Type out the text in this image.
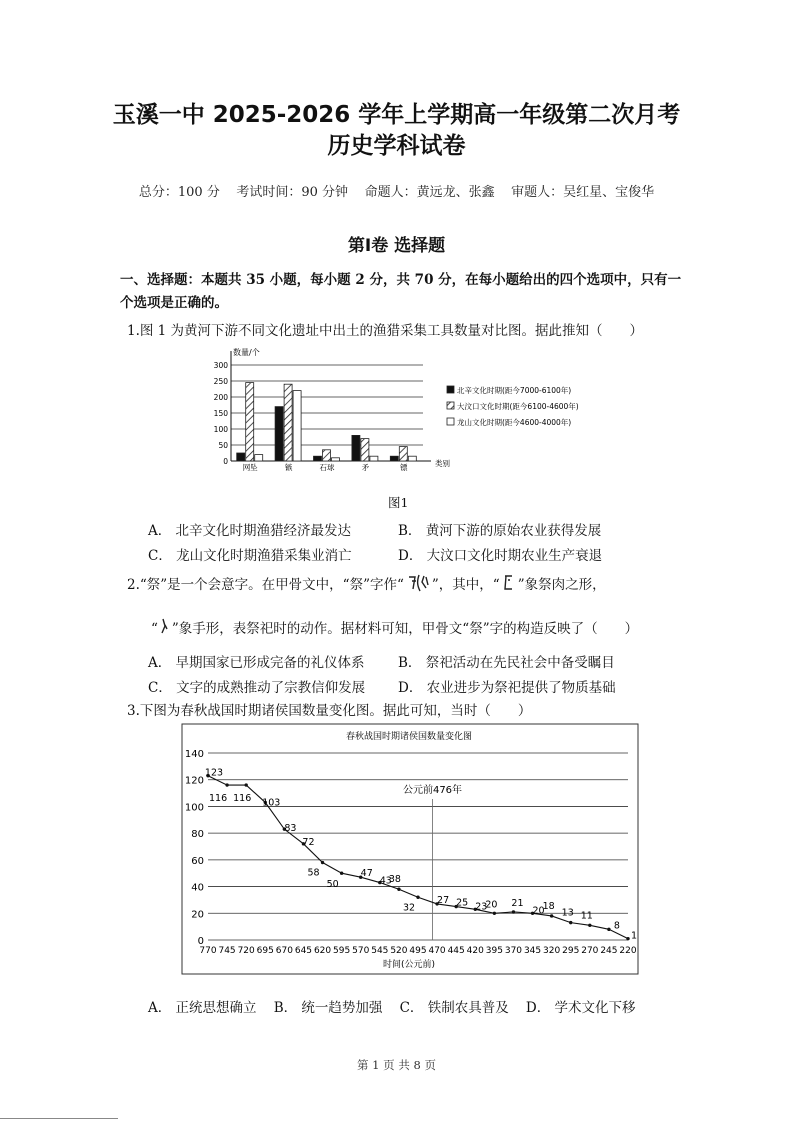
玉溪一中 2025-2026 学年上学期高一年级第二次月考
历史学科试卷
总分：100 分    考试时间：90 分钟    命题人：黄远龙、张鑫    审题人：吴红星、宝俊华
第Ⅰ卷 选择题
一、选择题：本题共 35 小题，每小题 2 分，共 70 分，在每小题给出的四个选项中，只有一
个选项是正确的。
1.图 1 为黄河下游不同文化遗址中出土的渔猎采集工具数量对比图。据此推知（　　）
0
50
100
150
200
250
300
数量/个
类别
网坠	镞	石球	矛	镖
北辛文化时期(距今7000-6100年)
大汶口文化时期(距今6100-4600年)
龙山文化时期(距今4600-4000年)
图1
A． 北辛文化时期渔猎经济最发达	B． 黄河下游的原始农业获得发展
C． 龙山文化时期渔猎采集业消亡	D． 大汶口文化时期农业生产衰退
2.“祭”是一个会意字。在甲骨文中，“祭”字作“ ”，其中，“ ”象祭肉之形，
“ ”象手形，表祭祀时的动作。据材料可知，甲骨文“祭”字的构造反映了（　　）
A． 早期国家已形成完备的礼仪体系 B． 祭祀活动在先民社会中备受瞩目
C． 文字的成熟推动了宗教信仰发展 D． 农业进步为祭祀提供了物质基础
3.下图为春秋战国时期诸侯国数量变化图。据此可知，当时（　　）
春秋战国时期诸侯国数量变化图
0
20
40
60
80
100
120
140
公元前476年
770 745 720 695 670 645 620 595 570 545 520 495 470 445 420 395 370 345 320 295 270 245 220
时间(公元前)
123
116 116 103
83
72
58
50
47
43
38
32
27 25 23
20 21
20
18
13 11
8
1
A． 正统思想确立    B． 统一趋势加强    C． 铁制农具普及    D． 学术文化下移
第 1 页 共 8 页
